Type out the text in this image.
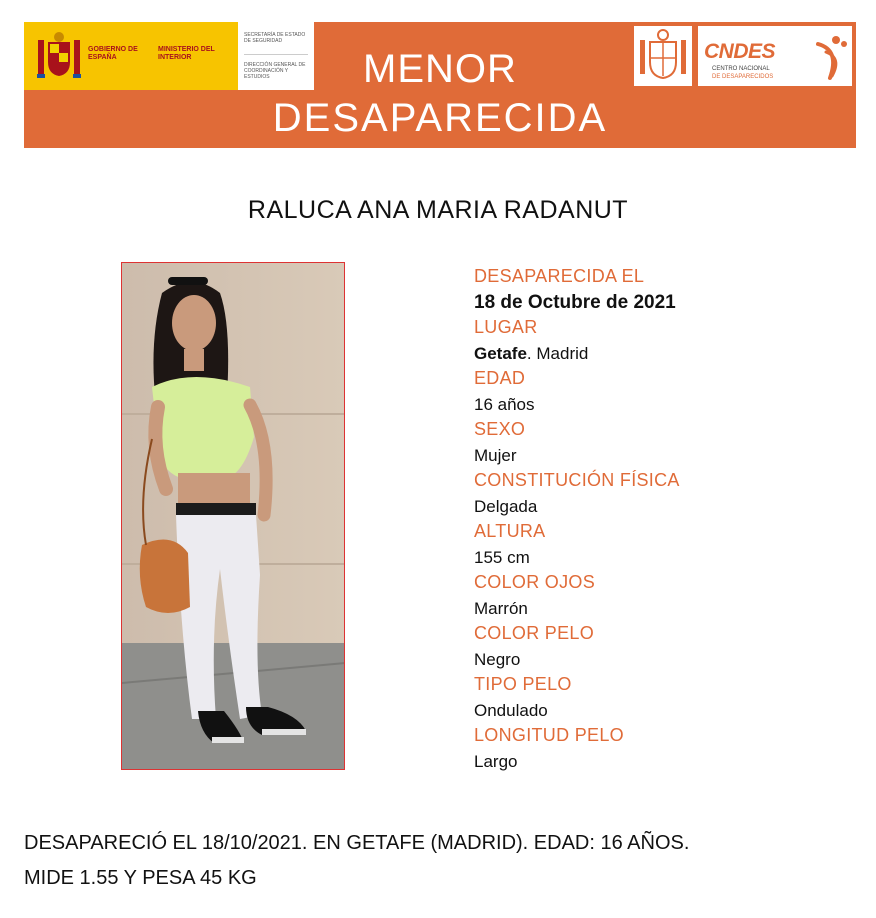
GOBIERNO DE ESPAÑA
MINISTERIO DEL INTERIOR
SECRETARÍA DE ESTADO DE SEGURIDAD
DIRECCIÓN GENERAL DE COORDINACIÓN Y ESTUDIOS	MENOR
DESAPARECIDA
CNDES
CENTRO NACIONAL
DE DESAPARECIDOS
RALUCA ANA MARIA RADANUT
DESAPARECIDA EL
18 de Octubre de 2021
LUGAR
Getafe. Madrid
EDAD
16 años
SEXO
Mujer
CONSTITUCIÓN FÍSICA
Delgada
ALTURA
155 cm
COLOR OJOS
Marrón
COLOR PELO
Negro
TIPO PELO
Ondulado
LONGITUD PELO
Largo
DESAPARECIÓ EL 18/10/2021. EN GETAFE (MADRID). EDAD: 16 AÑOS.
MIDE 1.55 Y PESA 45 KG
